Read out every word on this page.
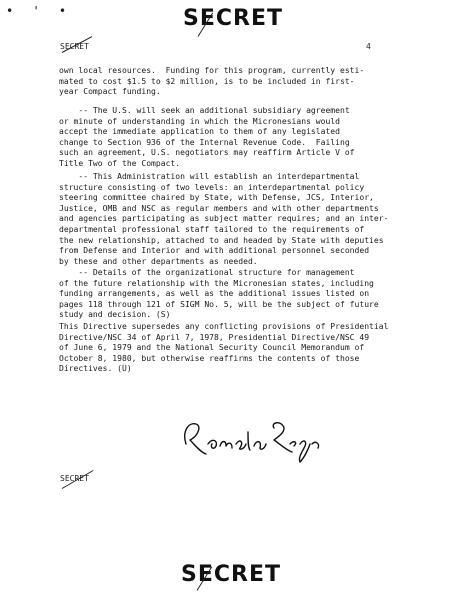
• ' •	SECRET
SECRET	4
own local resources.  Funding for this program, currently esti-
mated to cost $1.5 to $2 million, is to be included in first-
year Compact funding.
-- The U.S. will seek an additional subsidiary agreement
or minute of understanding in which the Micronesians would
accept the immediate application to them of any legislated
change to Section 936 of the Internal Revenue Code.  Failing
such an agreement, U.S. negotiators may reaffirm Article V of
Title Two of the Compact.
-- This Administration will establish an interdepartmental
structure consisting of two levels: an interdepartmental policy
steering committee chaired by State, with Defense, JCS, Interior,
Justice, OMB and NSC as regular members and with other departments
and agencies participating as subject matter requires; and an inter-
departmental professional staff tailored to the requirements of
the new relationship, attached to and headed by State with deputies
from Defense and Interior and with additional personnel seconded
by these and other departments as needed.
-- Details of the organizational structure for management
of the future relationship with the Micronesian states, including
funding arrangements, as well as the additional issues listed on
pages 118 through 121 of SIGM No. 5, will be the subject of future
study and decision. (S)
This Directive supersedes any conflicting provisions of Presidential
Directive/NSC 34 of April 7, 1978, Presidential Directive/NSC 49
of June 6, 1979 and the National Security Council Memorandum of
October 8, 1980, but otherwise reaffirms the contents of those
Directives. (U)
SECRET
SECRET
